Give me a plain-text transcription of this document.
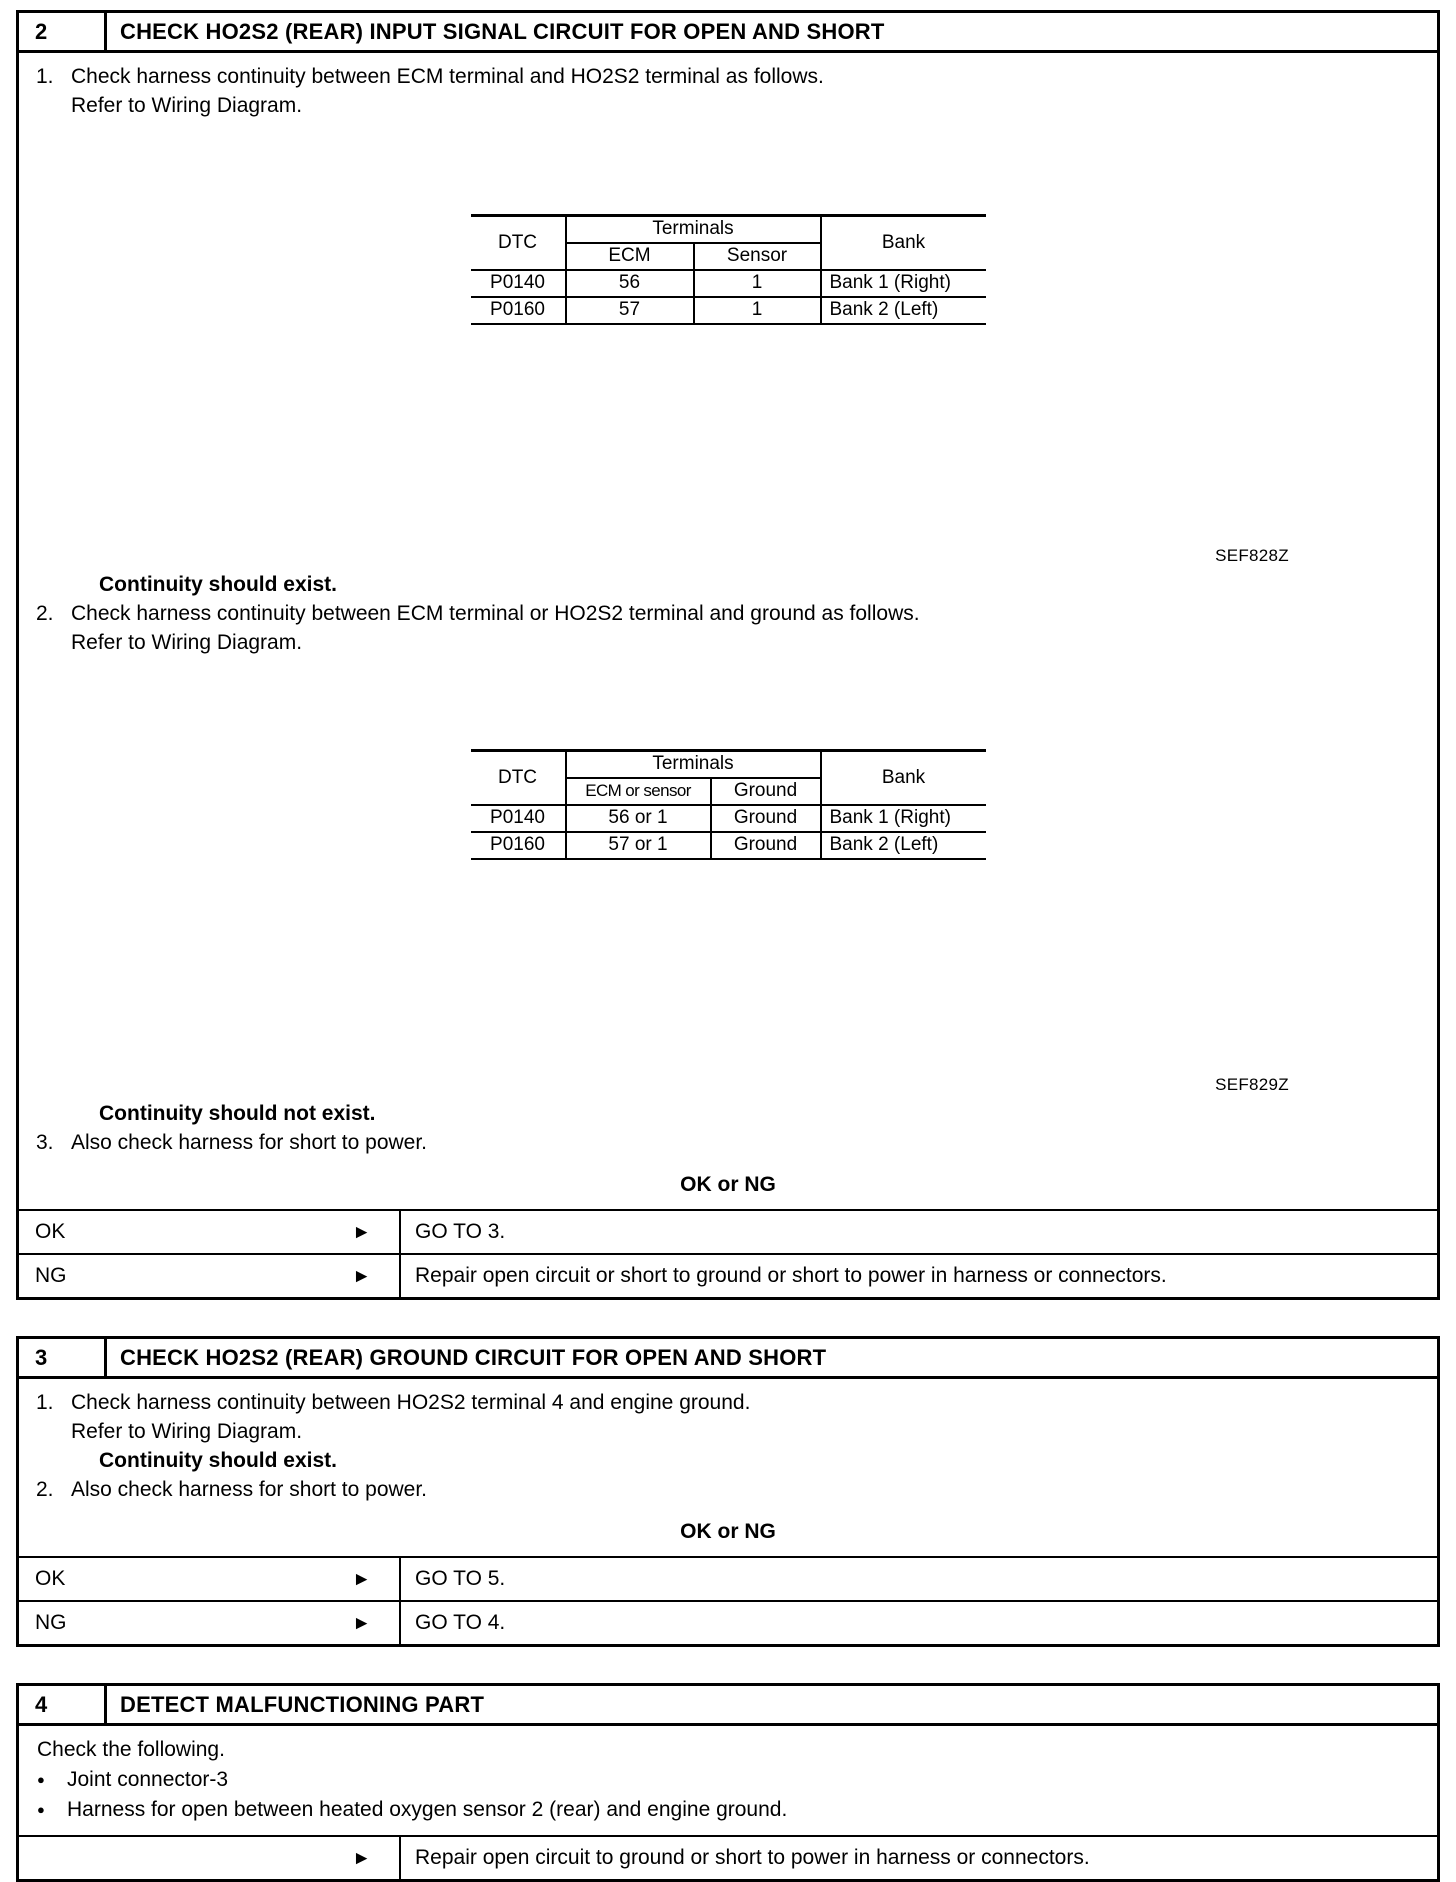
2	CHECK HO2S2 (REAR) INPUT SIGNAL CIRCUIT FOR OPEN AND SHORT
1. Check harness continuity between ECM terminal and HO2S2 terminal as follows.
Refer to Wiring Diagram.
DTC	Terminals		Bank
	ECM	Sensor	
P0140	56	1	Bank 1 (Right)
P0160	57	1	Bank 2 (Left)
SEF828Z
Continuity should exist.
2. Check harness continuity between ECM terminal or HO2S2 terminal and ground as follows.
Refer to Wiring Diagram.
DTC	Terminals		Bank
	ECM or sensor	Ground	
P0140	56 or 1	Ground	Bank 1 (Right)
P0160	57 or 1	Ground	Bank 2 (Left)
SEF829Z
Continuity should not exist.
3. Also check harness for short to power.
OK or NG
OK	►	GO TO 3.
NG	►	Repair open circuit or short to ground or short to power in harness or connectors.
3	CHECK HO2S2 (REAR) GROUND CIRCUIT FOR OPEN AND SHORT
1. Check harness continuity between HO2S2 terminal 4 and engine ground.
Refer to Wiring Diagram.
Continuity should exist.
2. Also check harness for short to power.
OK or NG
OK	►	GO TO 5.
NG	►	GO TO 4.
4	DETECT MALFUNCTIONING PART
Check the following.
●	Joint connector-3
●	Harness for open between heated oxygen sensor 2 (rear) and engine ground.
►	Repair open circuit to ground or short to power in harness or connectors.
